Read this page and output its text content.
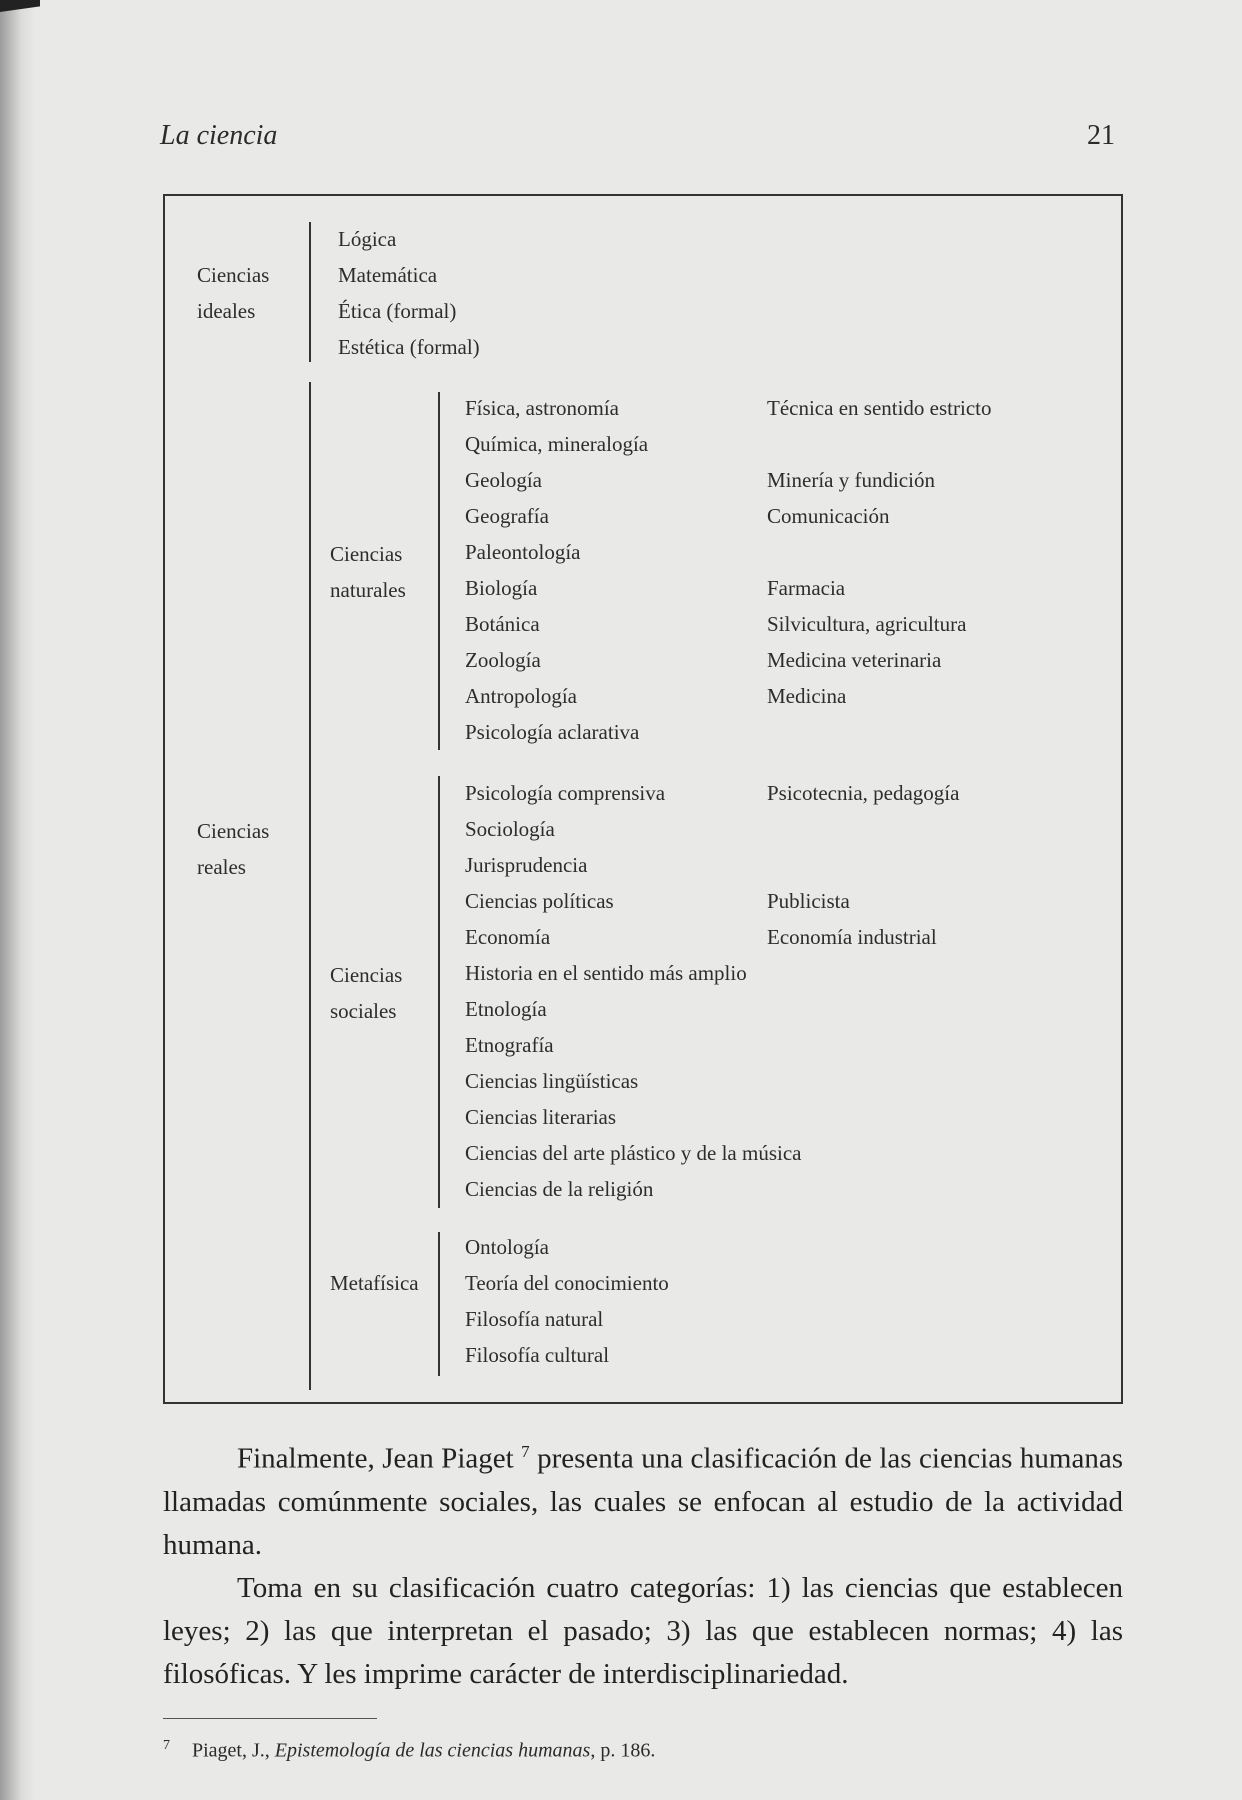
La ciencia	21
Ciencias
ideales
Lógica
Matemática
Ética (formal)
Estética (formal)
Ciencias
reales
Ciencias
naturales
Física, astronomía
Química, mineralogía
Geología
Geografía
Paleontología
Biología
Botánica
Zoología
Antropología
Psicología aclarativa
Técnica en sentido estricto
Minería y fundición
Comunicación
Farmacia
Silvicultura, agricultura
Medicina veterinaria
Medicina
Ciencias
sociales
Psicología comprensiva
Sociología
Jurisprudencia
Ciencias políticas
Economía
Historia en el sentido más amplio
Etnología
Etnografía
Ciencias lingüísticas
Ciencias literarias
Ciencias del arte plástico y de la música
Ciencias de la religión
Psicotecnia, pedagogía
Publicista
Economía industrial
Metafísica
Ontología
Teoría del conocimiento
Filosofía natural
Filosofía cultural

Finalmente, Jean Piaget $^7$ presenta una clasificación de las ciencias humanas llamadas comúnmente sociales, las cuales se enfocan al estudio de la actividad humana.

Toma en su clasificación cuatro categorías: 1) las ciencias que establecen leyes; 2) las que interpretan el pasado; 3) las que establecen normas; 4) las filosóficas. Y les imprime carácter de interdisciplinariedad.

$^7$ Piaget, J., Epistemología de las ciencias humanas, p. 186.
